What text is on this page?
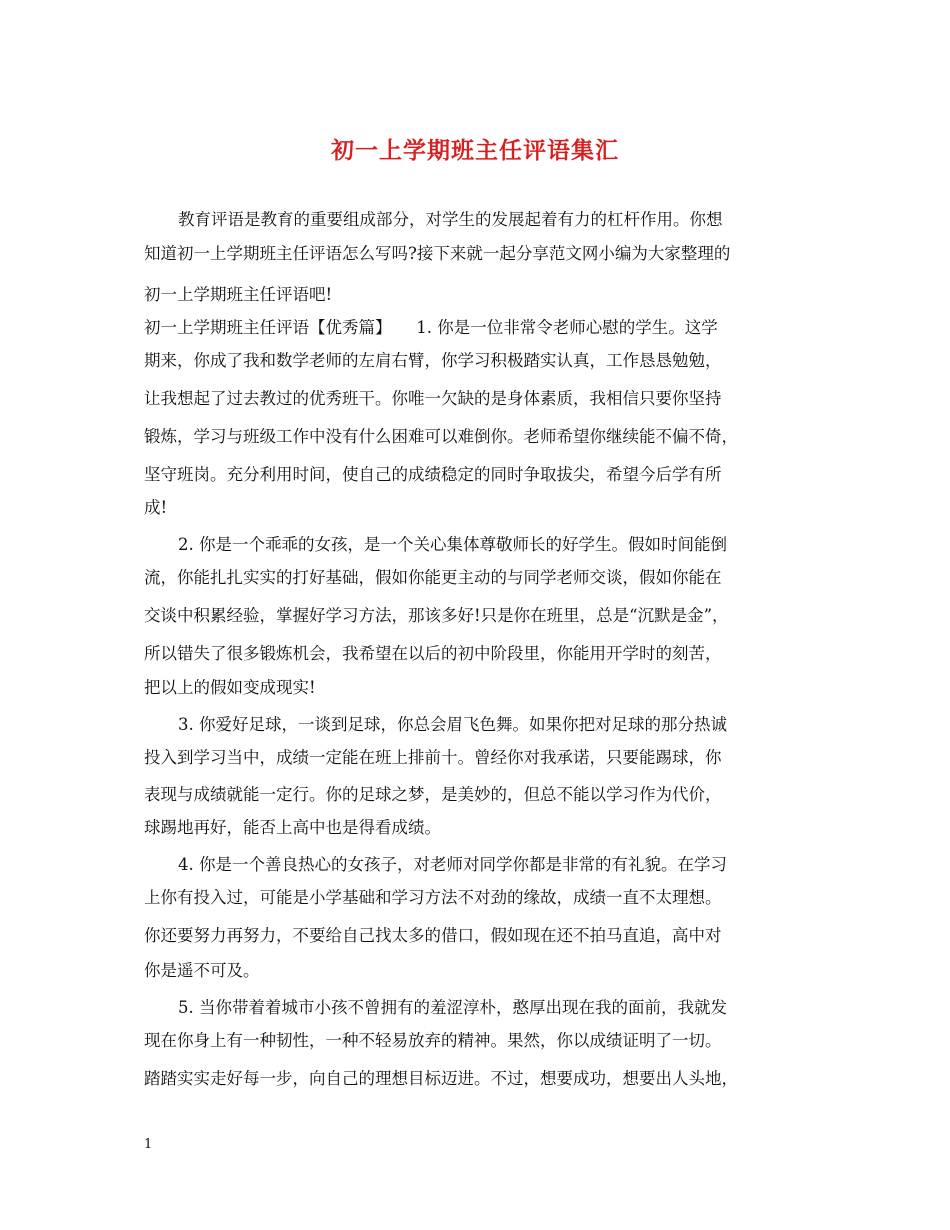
初一上学期班主任评语集汇
教育评语是教育的重要组成部分，对学生的发展起着有力的杠杆作用。你想
知道初一上学期班主任评语怎么写吗?接下来就一起分享范文网小编为大家整理的
初一上学期班主任评语吧!
初一上学期班主任评语【优秀篇】　　1. 你是一位非常令老师心慰的学生。这学
期来，你成了我和数学老师的左肩右臂，你学习积极踏实认真，工作恳恳勉勉，
让我想起了过去教过的优秀班干。你唯一欠缺的是身体素质，我相信只要你坚持
锻炼，学习与班级工作中没有什么困难可以难倒你。老师希望你继续能不偏不倚，
坚守班岗。充分利用时间，使自己的成绩稳定的同时争取拔尖，希望今后学有所
成!
2. 你是一个乖乖的女孩，是一个关心集体尊敬师长的好学生。假如时间能倒
流，你能扎扎实实的打好基础，假如你能更主动的与同学老师交谈，假如你能在
交谈中积累经验，掌握好学习方法，那该多好!只是你在班里，总是“沉默是金”，
所以错失了很多锻炼机会，我希望在以后的初中阶段里，你能用开学时的刻苦，
把以上的假如变成现实!
3. 你爱好足球，一谈到足球，你总会眉飞色舞。如果你把对足球的那分热诚
投入到学习当中，成绩一定能在班上排前十。曾经你对我承诺，只要能踢球，你
表现与成绩就能一定行。你的足球之梦，是美妙的，但总不能以学习作为代价，
球踢地再好，能否上高中也是得看成绩。
4. 你是一个善良热心的女孩子，对老师对同学你都是非常的有礼貌。在学习
上你有投入过，可能是小学基础和学习方法不对劲的缘故，成绩一直不太理想。
你还要努力再努力，不要给自己找太多的借口，假如现在还不拍马直追，高中对
你是遥不可及。
5. 当你带着着城市小孩不曾拥有的羞涩淳朴，憨厚出现在我的面前，我就发
现在你身上有一种韧性，一种不轻易放弃的精神。果然，你以成绩证明了一切。
踏踏实实走好每一步，向自己的理想目标迈进。不过，想要成功，想要出人头地，
1
